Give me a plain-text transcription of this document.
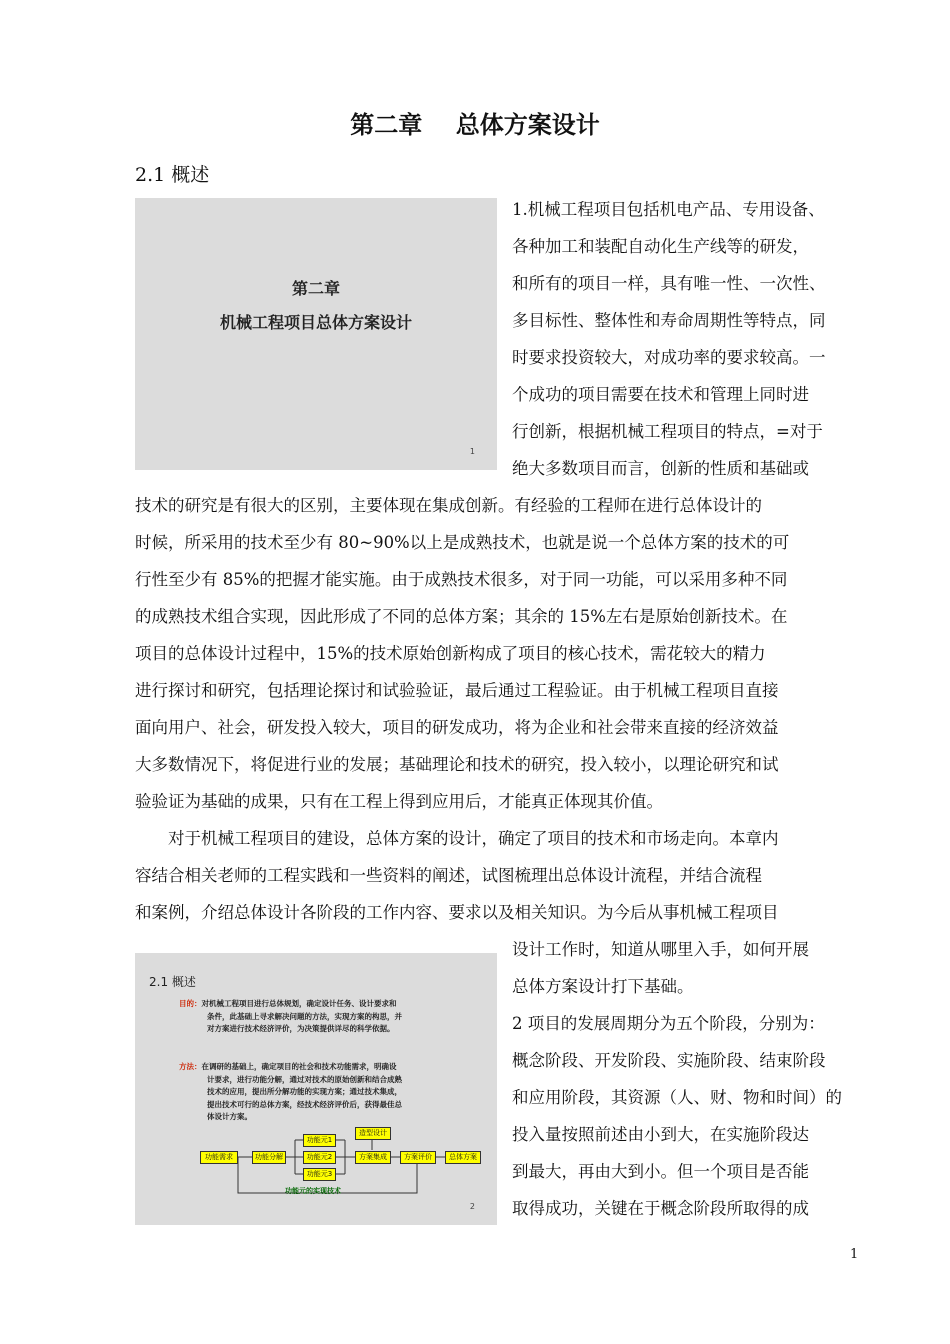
第二章    总体方案设计
2.1 概述
第二章
机械工程项目总体方案设计
1
2.1 概述
目的：对机械工程项目进行总体规划，确定设计任务、设计要求和
条件，此基础上寻求解决问题的方法，实现方案的构思，并
对方案进行技术经济评价，为决策提供详尽的科学依据。
方法：在调研的基础上，确定项目的社会和技术功能需求，明确设
计要求，进行功能分解，通过对技术的原始创新和结合成熟
技术的应用，提出所分解功能的实现方案；通过技术集成，
提出技术可行的总体方案，经技术经济评价后，获得最佳总
体设计方案。
功能需求	功能分解
功能元1
功能元2
功能元3
造型设计
方案集成	方案评价	总体方案
功能元的实现技术
2
1.机械工程项目包括机电产品、专用设备、
各种加工和装配自动化生产线等的研发，
和所有的项目一样，具有唯一性、一次性、
多目标性、整体性和寿命周期性等特点，同
时要求投资较大，对成功率的要求较高。一
个成功的项目需要在技术和管理上同时进
行创新，根据机械工程项目的特点，=对于
绝大多数项目而言，创新的性质和基础或
技术的研究是有很大的区别，主要体现在集成创新。有经验的工程师在进行总体设计的
时候，所采用的技术至少有 80~90%以上是成熟技术，也就是说一个总体方案的技术的可
行性至少有 85%的把握才能实施。由于成熟技术很多，对于同一功能，可以采用多种不同
的成熟技术组合实现，因此形成了不同的总体方案；其余的 15%左右是原始创新技术。在
项目的总体设计过程中，15%的技术原始创新构成了项目的核心技术，需花较大的精力
进行探讨和研究，包括理论探讨和试验验证，最后通过工程验证。由于机械工程项目直接
面向用户、社会，研发投入较大，项目的研发成功，将为企业和社会带来直接的经济效益
大多数情况下，将促进行业的发展；基础理论和技术的研究，投入较小，以理论研究和试
验验证为基础的成果，只有在工程上得到应用后，才能真正体现其价值。
对于机械工程项目的建设，总体方案的设计，确定了项目的技术和市场走向。本章内
容结合相关老师的工程实践和一些资料的阐述，试图梳理出总体设计流程，并结合流程
和案例，介绍总体设计各阶段的工作内容、要求以及相关知识。为今后从事机械工程项目
设计工作时，知道从哪里入手，如何开展
总体方案设计打下基础。
2 项目的发展周期分为五个阶段，分别为：
概念阶段、开发阶段、实施阶段、结束阶段
和应用阶段，其资源（人、财、物和时间）的
投入量按照前述由小到大，在实施阶段达
到最大，再由大到小。但一个项目是否能
取得成功，关键在于概念阶段所取得的成
1
